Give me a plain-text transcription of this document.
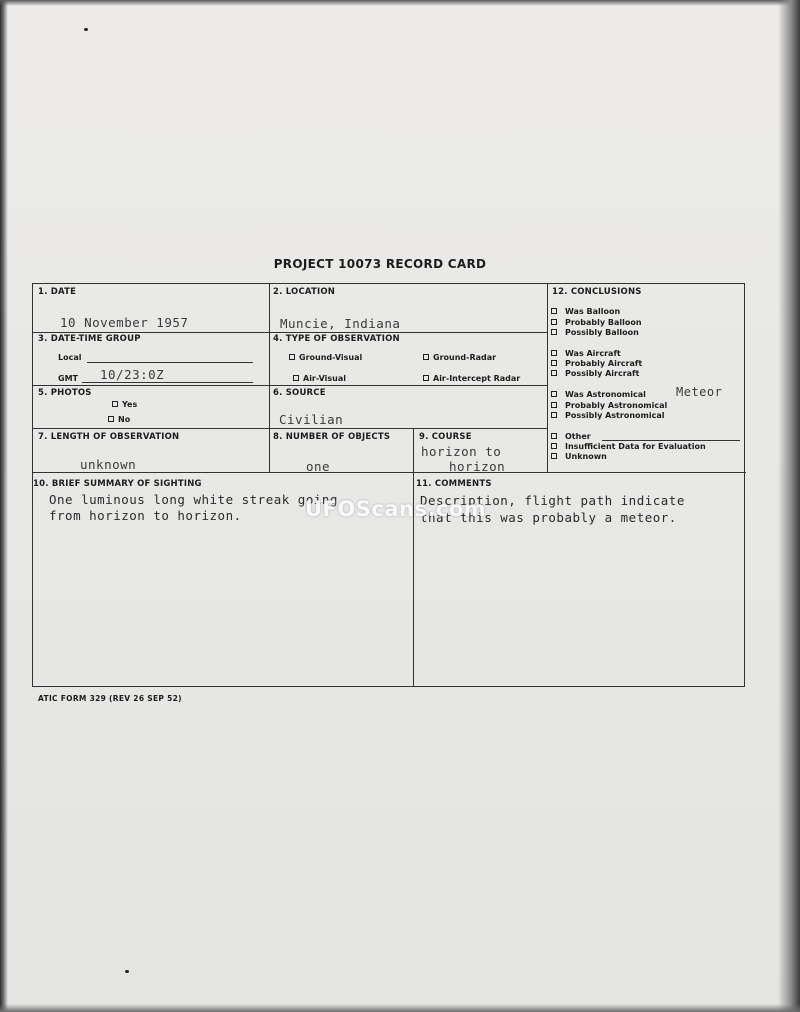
PROJECT 10073 RECORD CARD
1. DATE
10 November 1957
2. LOCATION
Muncie, Indiana
3. DATE-TIME GROUP
Local
GMT 10/23:0Z
4. TYPE OF OBSERVATION
Ground-Visual	Ground-Radar
Air-Visual	Air-Intercept Radar
5. PHOTOS
Yes
No
6. SOURCE
Civilian
7. LENGTH OF OBSERVATION
unknown
8. NUMBER OF OBJECTS
one
9. COURSE
horizon to
horizon
10. BRIEF SUMMARY OF SIGHTING
One luminous long white streak going
from horizon to horizon.
11. COMMENTS
Description, flight path indicate
that this was probably a meteor.
12. CONCLUSIONS
Was Balloon
Probably Balloon
Possibly Balloon
Was Aircraft
Probably Aircraft
Possibly Aircraft
Was Astronomical	Meteor
Probably Astronomical
Possibly Astronomical
Other
Insufficient Data for Evaluation
Unknown
UFOScans.com
ATIC FORM 329 (REV 26 SEP 52)
